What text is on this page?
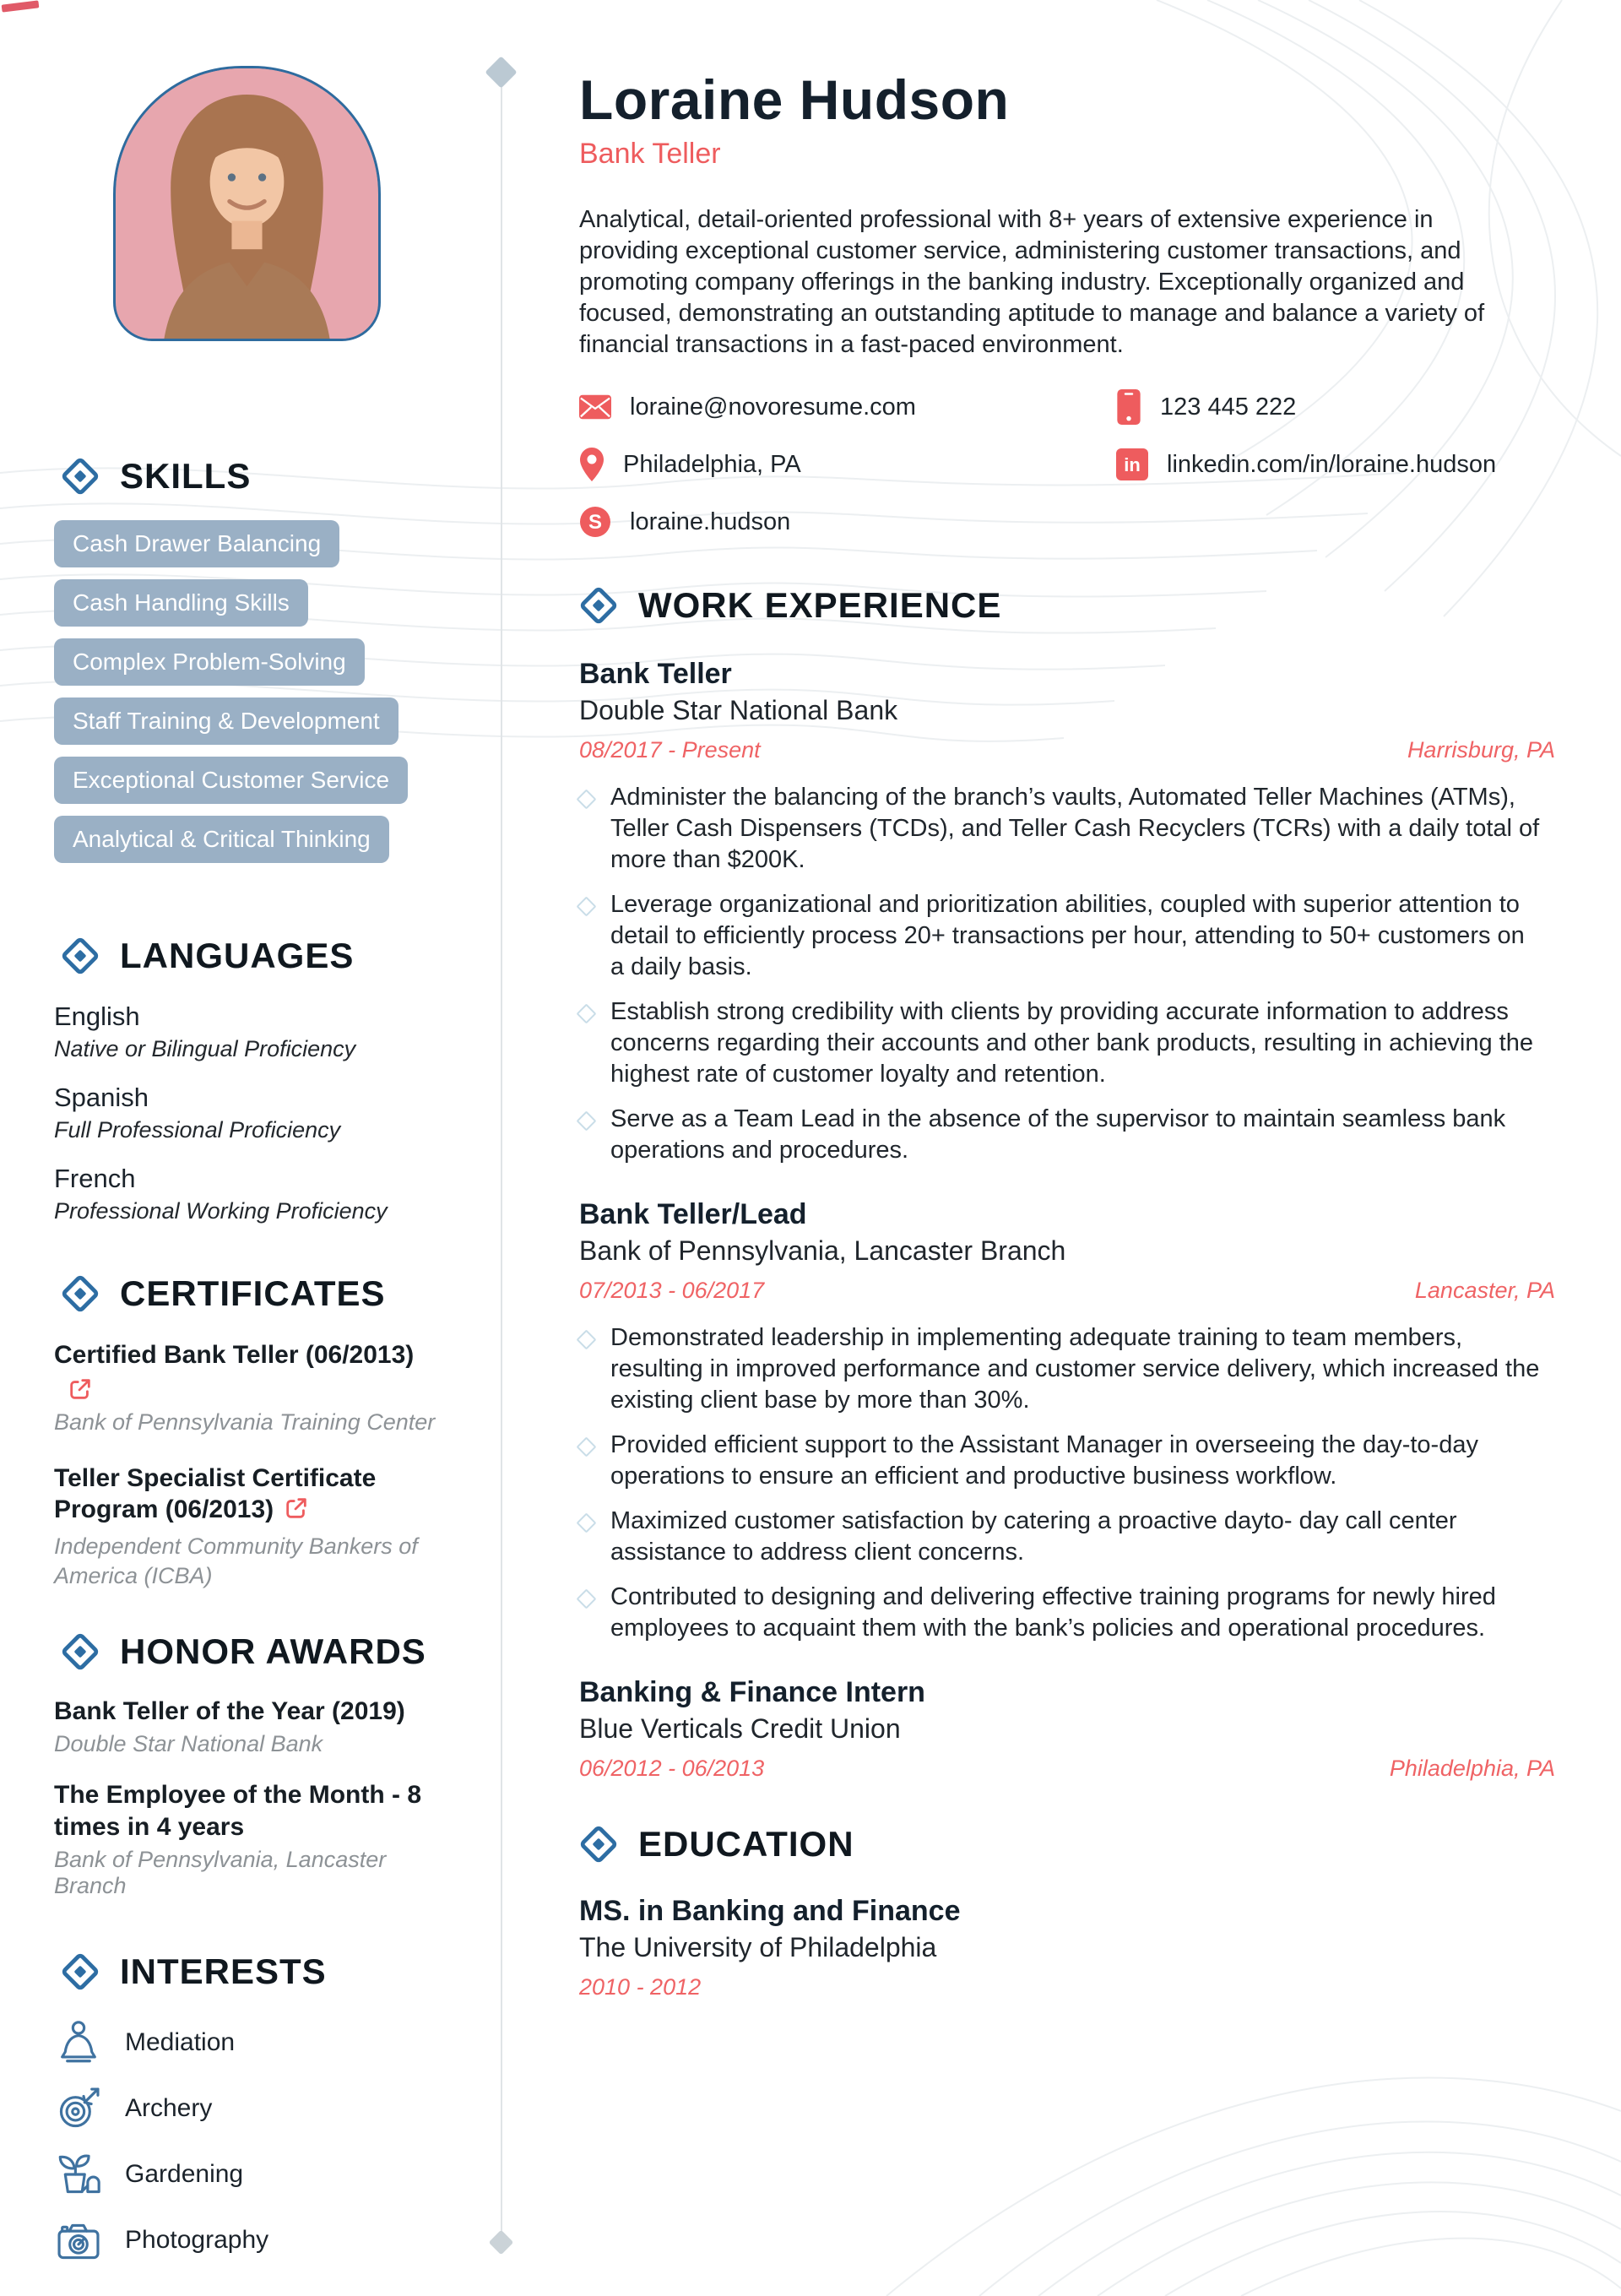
SKILLS
Cash Drawer Balancing
Cash Handling Skills
Complex Problem-Solving
Staff Training & Development
Exceptional Customer Service
Analytical & Critical Thinking
LANGUAGES
English
Native or Bilingual Proficiency
Spanish
Full Professional Proficiency
French
Professional Working Proficiency
CERTIFICATES
Certified Bank Teller (06/2013)
Bank of Pennsylvania Training Center
Teller Specialist Certificate Program (06/2013)
Independent Community Bankers of America (ICBA)
HONOR AWARDS
Bank Teller of the Year (2019)
Double Star National Bank
The Employee of the Month - 8 times in 4 years
Bank of Pennsylvania, Lancaster Branch
INTERESTS
Mediation
Archery
Gardening
Photography
Loraine Hudson
Bank Teller

Analytical, detail-oriented professional with 8+ years of extensive experience in providing exceptional customer service, administering customer transactions, and promoting company offerings in the banking industry. Exceptionally organized and focused, demonstrating an outstanding aptitude to manage and balance a variety of financial transactions in a fast-paced environment.

loraine@novoresume.com
Philadelphia, PA
S loraine.hudson
123 445 222
in linkedin.com/in/loraine.hudson
WORK EXPERIENCE
Bank Teller
Double Star National Bank
08/2017 - Present	Harrisburg, PA

Administer the balancing of the branch’s vaults, Automated Teller Machines (ATMs), Teller Cash Dispensers (TCDs), and Teller Cash Recyclers (TCRs) with a daily total of more than $200K.

Leverage organizational and prioritization abilities, coupled with superior attention to detail to efficiently process 20+ transactions per hour, attending to 50+ customers on a daily basis.

Establish strong credibility with clients by providing accurate information to address concerns regarding their accounts and other bank products, resulting in achieving the highest rate of customer loyalty and retention.

Serve as a Team Lead in the absence of the supervisor to maintain seamless bank operations and procedures.

Bank Teller/Lead
Bank of Pennsylvania, Lancaster Branch
07/2013 - 06/2017	Lancaster, PA

Demonstrated leadership in implementing adequate training to team members, resulting in improved performance and customer service delivery, which increased the existing client base by more than 30%.

Provided efficient support to the Assistant Manager in overseeing the day-to-day operations to ensure an efficient and productive business workflow.

Maximized customer satisfaction by catering a proactive dayto- day call center assistance to address client concerns.

Contributed to designing and delivering effective training programs for newly hired employees to acquaint them with the bank’s policies and operational procedures.

Banking & Finance Intern
Blue Verticals Credit Union
06/2012 - 06/2013	Philadelphia, PA
EDUCATION
MS. in Banking and Finance
The University of Philadelphia
2010 - 2012
